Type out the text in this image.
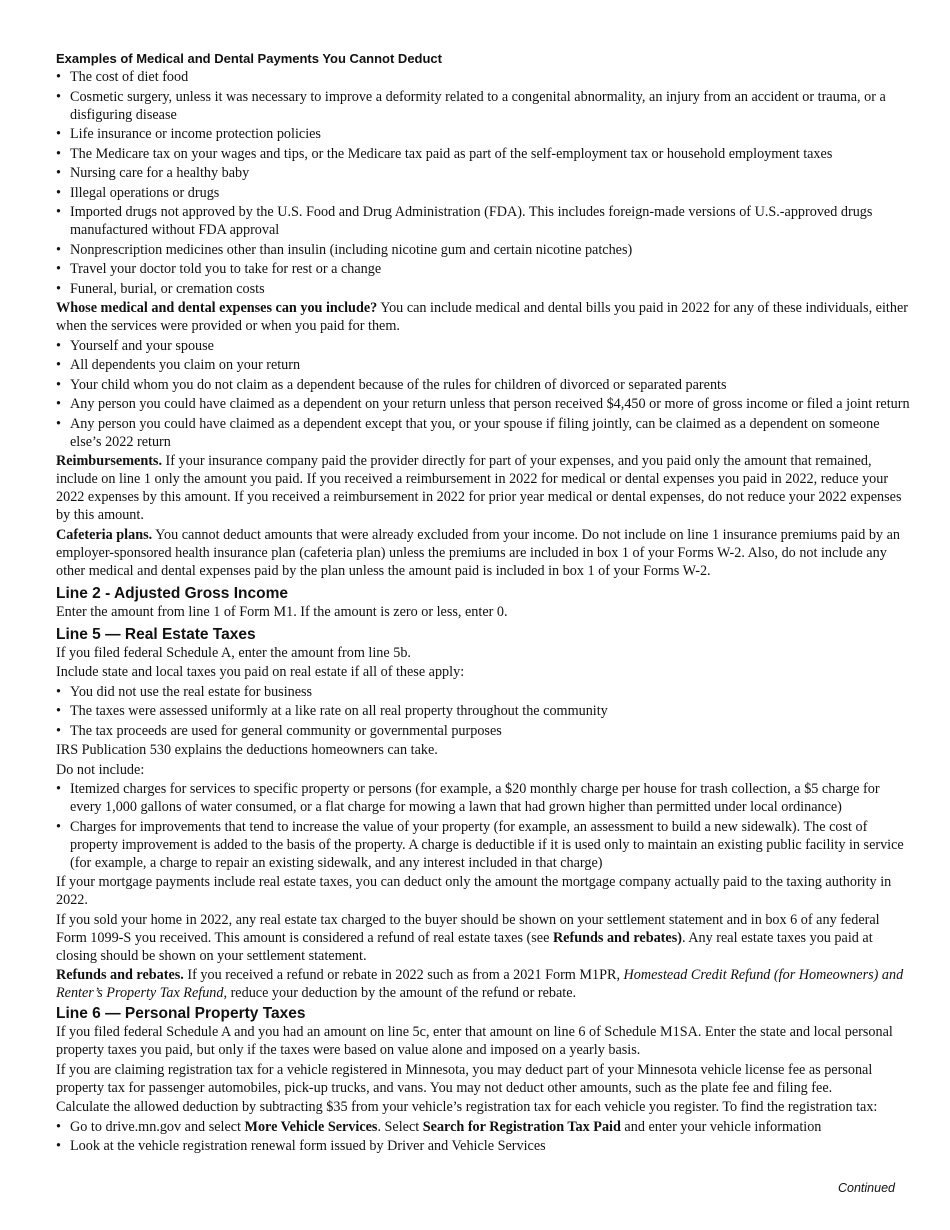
Examples of Medical and Dental Payments You Cannot Deduct
• The cost of diet food
• Cosmetic surgery, unless it was necessary to improve a deformity related to a congenital abnormality, an injury from an accident or trauma, or a disfiguring disease
• Life insurance or income protection policies
• The Medicare tax on your wages and tips, or the Medicare tax paid as part of the self-employment tax or household employment taxes
• Nursing care for a healthy baby
• Illegal operations or drugs
• Imported drugs not approved by the U.S. Food and Drug Administration (FDA). This includes foreign-made versions of U.S.-approved drugs manufactured without FDA approval
• Nonprescription medicines other than insulin (including nicotine gum and certain nicotine patches)
• Travel your doctor told you to take for rest or a change
• Funeral, burial, or cremation costs

Whose medical and dental expenses can you include? You can include medical and dental bills you paid in 2022 for any of these individuals, either when the services were provided or when you paid for them.

• Yourself and your spouse
• All dependents you claim on your return
• Your child whom you do not claim as a dependent because of the rules for children of divorced or separated parents
• Any person you could have claimed as a dependent on your return unless that person received $4,450 or more of gross income or filed a joint return
• Any person you could have claimed as a dependent except that you, or your spouse if filing jointly, can be claimed as a dependent on someone else’s 2022 return

Reimbursements. If your insurance company paid the provider directly for part of your expenses, and you paid only the amount that remained, include on line 1 only the amount you paid. If you received a reimbursement in 2022 for medical or dental expenses you paid in 2022, reduce your 2022 expenses by this amount. If you received a reimbursement in 2022 for prior year medical or dental expenses, do not reduce your 2022 expenses by this amount.

Cafeteria plans. You cannot deduct amounts that were already excluded from your income. Do not include on line 1 insurance premiums paid by an employer-sponsored health insurance plan (cafeteria plan) unless the premiums are included in box 1 of your Forms W-2. Also, do not include any other medical and dental expenses paid by the plan unless the amount paid is included in box 1 of your Forms W-2.

Line 2 - Adjusted Gross Income

Enter the amount from line 1 of Form M1. If the amount is zero or less, enter 0.

Line 5 — Real Estate Taxes

If you filed federal Schedule A, enter the amount from line 5b.

Include state and local taxes you paid on real estate if all of these apply:

• You did not use the real estate for business
• The taxes were assessed uniformly at a like rate on all real property throughout the community
• The tax proceeds are used for general community or governmental purposes

IRS Publication 530 explains the deductions homeowners can take.

Do not include:

• Itemized charges for services to specific property or persons (for example, a $20 monthly charge per house for trash collection, a $5 charge for every 1,000 gallons of water consumed, or a flat charge for mowing a lawn that had grown higher than permitted under local ordinance)
• Charges for improvements that tend to increase the value of your property (for example, an assessment to build a new sidewalk). The cost of property improvement is added to the basis of the property. A charge is deductible if it is used only to maintain an existing public facility in service (for example, a charge to repair an existing sidewalk, and any interest included in that charge)

If your mortgage payments include real estate taxes, you can deduct only the amount the mortgage company actually paid to the taxing authority in 2022.

If you sold your home in 2022, any real estate tax charged to the buyer should be shown on your settlement statement and in box 6 of any federal Form 1099-S you received. This amount is considered a refund of real estate taxes (see Refunds and rebates). Any real estate taxes you paid at closing should be shown on your settlement statement.

Refunds and rebates. If you received a refund or rebate in 2022 such as from a 2021 Form M1PR, Homestead Credit Refund (for Homeowners) and Renter’s Property Tax Refund, reduce your deduction by the amount of the refund or rebate.

Line 6 — Personal Property Taxes

If you filed federal Schedule A and you had an amount on line 5c, enter that amount on line 6 of Schedule M1SA. Enter the state and local personal property taxes you paid, but only if the taxes were based on value alone and imposed on a yearly basis.

If you are claiming registration tax for a vehicle registered in Minnesota, you may deduct part of your Minnesota vehicle license fee as personal property tax for passenger automobiles, pick-up trucks, and vans. You may not deduct other amounts, such as the plate fee and filing fee.

Calculate the allowed deduction by subtracting $35 from your vehicle’s registration tax for each vehicle you register. To find the registration tax:

• Go to drive.mn.gov and select More Vehicle Services. Select Search for Registration Tax Paid and enter your vehicle information
• Look at the vehicle registration renewal form issued by Driver and Vehicle Services
Continued
